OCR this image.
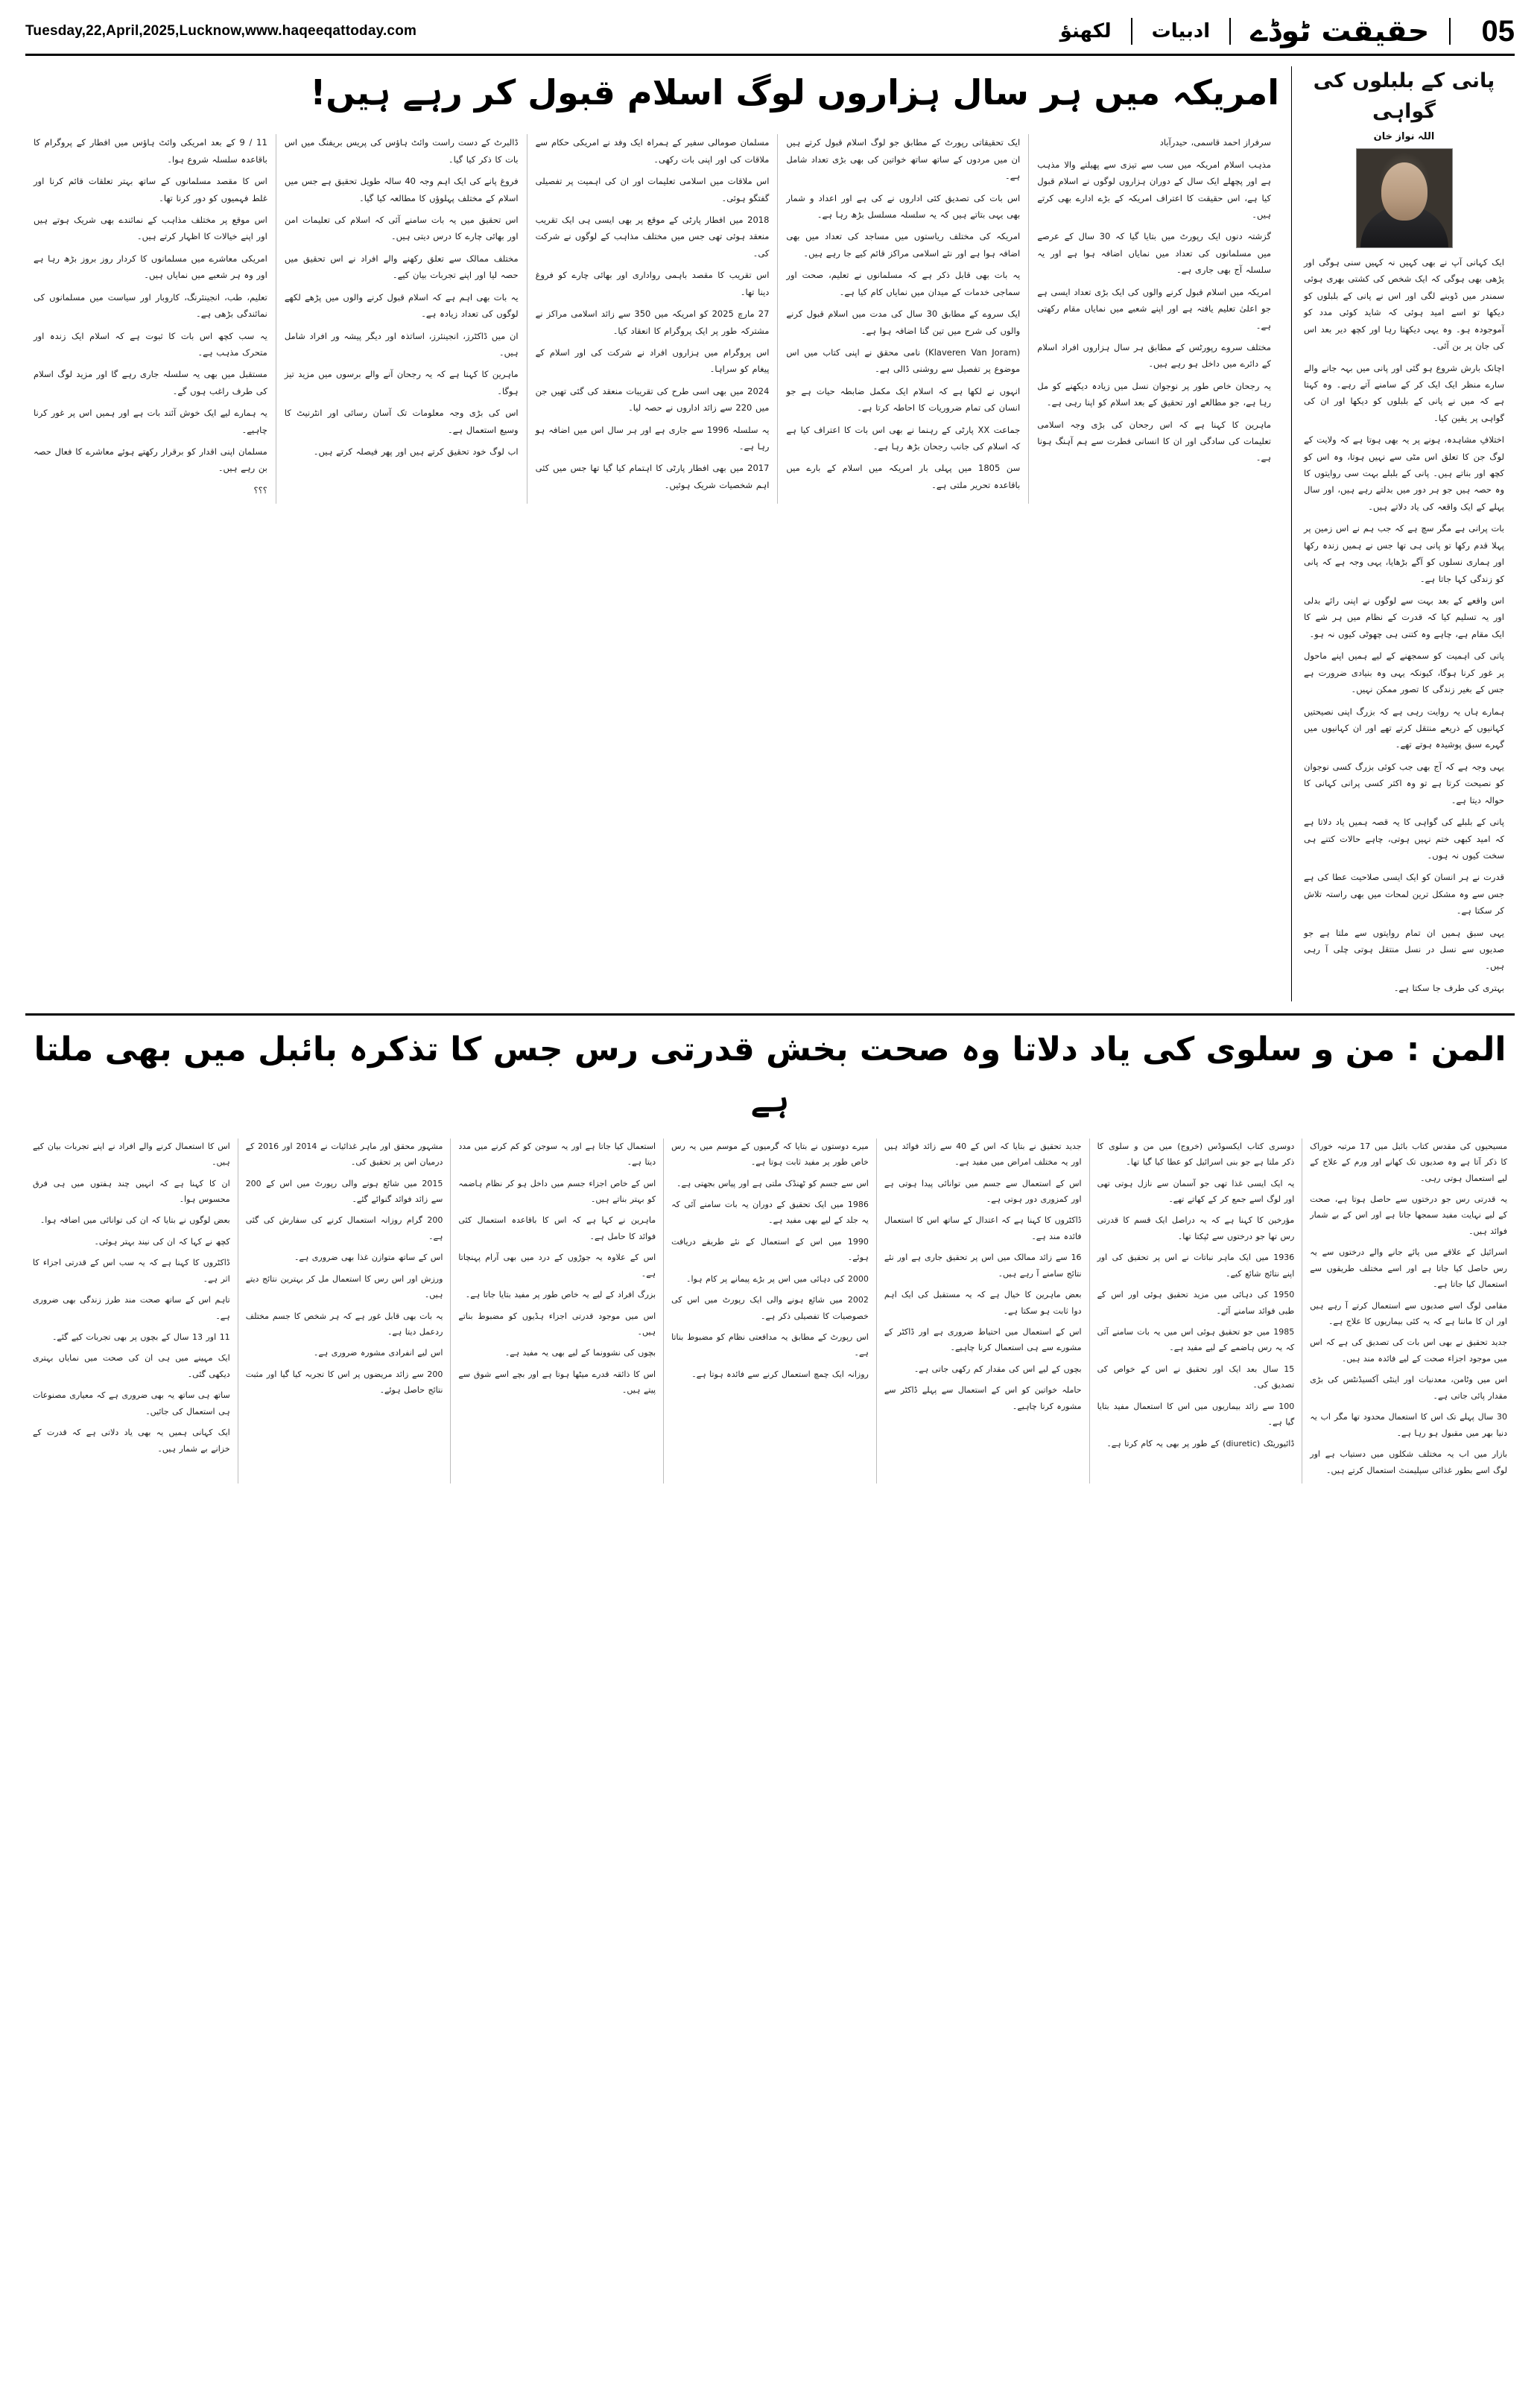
Tuesday,22,April,2025,Lucknow,www.haqeeqattoday.com	05
حقیقت ٹوڈے
ادبیات
لکھنؤ
پانی کے بلبلوں کی گواہی
اللہ نواز خان

ایک کہانی آپ نے بھی کہیں نہ کہیں سنی ہوگی اور پڑھی بھی ہوگی کہ ایک شخص کی کشتی بھری ہوئی سمندر میں ڈوبنے لگی اور اس نے پانی کے بلبلوں کو دیکھا تو اسے امید ہوئی کہ شاید کوئی مدد کو آموجودہ ہو۔ وہ یہی دیکھتا رہا اور کچھ دیر بعد اس کی جان پر بن آئی۔

اچانک بارش شروع ہو گئی اور پانی میں بہہ جانے والے سارے منظر ایک ایک کر کے سامنے آتے رہے۔ وہ کہتا ہے کہ میں نے پانی کے بلبلوں کو دیکھا اور ان کی گواہی پر یقین کیا۔

اختلافِ مشاہدہ، ہونے پر یہ بھی ہوتا ہے کہ ولایت کے لوگ جن کا تعلق اس مٹی سے نہیں ہوتا، وہ اس کو کچھ اور بناتے ہیں۔ پانی کے بلبلے بہت سی روایتوں کا وہ حصہ ہیں جو ہر دور میں بدلتے رہے ہیں، اور سال پہلے کے ایک واقعہ کی یاد دلاتے ہیں۔

بات پرانی ہے مگر سچ ہے کہ جب ہم نے اس زمین پر پہلا قدم رکھا تو پانی ہی تھا جس نے ہمیں زندہ رکھا اور ہماری نسلوں کو آگے بڑھایا، یہی وجہ ہے کہ پانی کو زندگی کہا جاتا ہے۔

اس واقعے کے بعد بہت سے لوگوں نے اپنی رائے بدلی اور یہ تسلیم کیا کہ قدرت کے نظام میں ہر شے کا ایک مقام ہے، چاہے وہ کتنی ہی چھوٹی کیوں نہ ہو۔

پانی کی اہمیت کو سمجھنے کے لیے ہمیں اپنے ماحول پر غور کرنا ہوگا، کیونکہ یہی وہ بنیادی ضرورت ہے جس کے بغیر زندگی کا تصور ممکن نہیں۔

ہمارے ہاں یہ روایت رہی ہے کہ بزرگ اپنی نصیحتیں کہانیوں کے ذریعے منتقل کرتے تھے اور ان کہانیوں میں گہرے سبق پوشیدہ ہوتے تھے۔

یہی وجہ ہے کہ آج بھی جب کوئی بزرگ کسی نوجوان کو نصیحت کرتا ہے تو وہ اکثر کسی پرانی کہانی کا حوالہ دیتا ہے۔

پانی کے بلبلے کی گواہی کا یہ قصہ ہمیں یاد دلاتا ہے کہ امید کبھی ختم نہیں ہوتی، چاہے حالات کتنے ہی سخت کیوں نہ ہوں۔

قدرت نے ہر انسان کو ایک ایسی صلاحیت عطا کی ہے جس سے وہ مشکل ترین لمحات میں بھی راستہ تلاش کر سکتا ہے۔

یہی سبق ہمیں ان تمام روایتوں سے ملتا ہے جو صدیوں سے نسل در نسل منتقل ہوتی چلی آ رہی ہیں۔

بہتری کی طرف جا سکتا ہے۔

امریکہ میں ہر سال ہزاروں لوگ اسلام قبول کر رہے ہیں!

سرفراز احمد قاسمی، حیدرآباد

مذہب اسلام امریکہ میں سب سے تیزی سے پھیلنے والا مذہب ہے اور پچھلے ایک سال کے دوران ہزاروں لوگوں نے اسلام قبول کیا ہے، اس حقیقت کا اعتراف امریکہ کے بڑے ادارے بھی کرتے ہیں۔

گزشتہ دنوں ایک رپورٹ میں بتایا گیا کہ 30 سال کے عرصے میں مسلمانوں کی تعداد میں نمایاں اضافہ ہوا ہے اور یہ سلسلہ آج بھی جاری ہے۔

امریکہ میں اسلام قبول کرنے والوں کی ایک بڑی تعداد ایسی ہے جو اعلیٰ تعلیم یافتہ ہے اور اپنے شعبے میں نمایاں مقام رکھتی ہے۔

مختلف سروے رپورٹس کے مطابق ہر سال ہزاروں افراد اسلام کے دائرے میں داخل ہو رہے ہیں۔

یہ رجحان خاص طور پر نوجوان نسل میں زیادہ دیکھنے کو مل رہا ہے، جو مطالعے اور تحقیق کے بعد اسلام کو اپنا رہی ہے۔

ماہرین کا کہنا ہے کہ اس رجحان کی بڑی وجہ اسلامی تعلیمات کی سادگی اور ان کا انسانی فطرت سے ہم آہنگ ہونا ہے۔

ایک تحقیقاتی رپورٹ کے مطابق جو لوگ اسلام قبول کرتے ہیں ان میں مردوں کے ساتھ ساتھ خواتین کی بھی بڑی تعداد شامل ہے۔

اس بات کی تصدیق کئی اداروں نے کی ہے اور اعداد و شمار بھی یہی بتاتے ہیں کہ یہ سلسلہ مسلسل بڑھ رہا ہے۔

امریکہ کی مختلف ریاستوں میں مساجد کی تعداد میں بھی اضافہ ہوا ہے اور نئے اسلامی مراکز قائم کیے جا رہے ہیں۔

یہ بات بھی قابل ذکر ہے کہ مسلمانوں نے تعلیم، صحت اور سماجی خدمات کے میدان میں نمایاں کام کیا ہے۔

ایک سروے کے مطابق 30 سال کی مدت میں اسلام قبول کرنے والوں کی شرح میں تین گنا اضافہ ہوا ہے۔

(Klaveren Van Joram) نامی محقق نے اپنی کتاب میں اس موضوع پر تفصیل سے روشنی ڈالی ہے۔

انہوں نے لکھا ہے کہ اسلام ایک مکمل ضابطہ حیات ہے جو انسان کی تمام ضروریات کا احاطہ کرتا ہے۔

جماعت XX پارٹی کے رہنما نے بھی اس بات کا اعتراف کیا ہے کہ اسلام کی جانب رجحان بڑھ رہا ہے۔

سن 1805 میں پہلی بار امریکہ میں اسلام کے بارے میں باقاعدہ تحریر ملتی ہے۔

مسلمان صومالی سفیر کے ہمراہ ایک وفد نے امریکی حکام سے ملاقات کی اور اپنی بات رکھی۔

اس ملاقات میں اسلامی تعلیمات اور ان کی اہمیت پر تفصیلی گفتگو ہوئی۔

2018 میں افطار پارٹی کے موقع پر بھی ایسی ہی ایک تقریب منعقد ہوئی تھی جس میں مختلف مذاہب کے لوگوں نے شرکت کی۔

اس تقریب کا مقصد باہمی رواداری اور بھائی چارے کو فروغ دینا تھا۔

27 مارچ 2025 کو امریکہ میں 350 سے زائد اسلامی مراکز نے مشترکہ طور پر ایک پروگرام کا انعقاد کیا۔

اس پروگرام میں ہزاروں افراد نے شرکت کی اور اسلام کے پیغام کو سراہا۔

2024 میں بھی اسی طرح کی تقریبات منعقد کی گئی تھیں جن میں 220 سے زائد اداروں نے حصہ لیا۔

یہ سلسلہ 1996 سے جاری ہے اور ہر سال اس میں اضافہ ہو رہا ہے۔

2017 میں بھی افطار پارٹی کا اہتمام کیا گیا تھا جس میں کئی اہم شخصیات شریک ہوئیں۔

ڈالبرٹ کے دست راست وائٹ ہاؤس کی پریس بریفنگ میں اس بات کا ذکر کیا گیا۔

فروغ پانے کی ایک اہم وجہ 40 سالہ طویل تحقیق ہے جس میں اسلام کے مختلف پہلوؤں کا مطالعہ کیا گیا۔

اس تحقیق میں یہ بات سامنے آئی کہ اسلام کی تعلیمات امن اور بھائی چارے کا درس دیتی ہیں۔

مختلف ممالک سے تعلق رکھنے والے افراد نے اس تحقیق میں حصہ لیا اور اپنے تجربات بیان کیے۔

یہ بات بھی اہم ہے کہ اسلام قبول کرنے والوں میں پڑھے لکھے لوگوں کی تعداد زیادہ ہے۔

ان میں ڈاکٹرز، انجینئرز، اساتذہ اور دیگر پیشہ ور افراد شامل ہیں۔

ماہرین کا کہنا ہے کہ یہ رجحان آنے والے برسوں میں مزید تیز ہوگا۔

اس کی بڑی وجہ معلومات تک آسان رسائی اور انٹرنیٹ کا وسیع استعمال ہے۔

اب لوگ خود تحقیق کرتے ہیں اور پھر فیصلہ کرتے ہیں۔

11 / 9 کے بعد امریکی وائٹ ہاؤس میں افطار کے پروگرام کا باقاعدہ سلسلہ شروع ہوا۔

اس کا مقصد مسلمانوں کے ساتھ بہتر تعلقات قائم کرنا اور غلط فہمیوں کو دور کرنا تھا۔

اس موقع پر مختلف مذاہب کے نمائندے بھی شریک ہوتے ہیں اور اپنے خیالات کا اظہار کرتے ہیں۔

امریکی معاشرے میں مسلمانوں کا کردار روز بروز بڑھ رہا ہے اور وہ ہر شعبے میں نمایاں ہیں۔

تعلیم، طب، انجینئرنگ، کاروبار اور سیاست میں مسلمانوں کی نمائندگی بڑھی ہے۔

یہ سب کچھ اس بات کا ثبوت ہے کہ اسلام ایک زندہ اور متحرک مذہب ہے۔

مستقبل میں بھی یہ سلسلہ جاری رہے گا اور مزید لوگ اسلام کی طرف راغب ہوں گے۔

یہ ہمارے لیے ایک خوش آئند بات ہے اور ہمیں اس پر غور کرنا چاہیے۔

مسلمان اپنی اقدار کو برقرار رکھتے ہوئے معاشرے کا فعال حصہ بن رہے ہیں۔

؟؟؟

المن : من و سلوی کی یاد دلاتا وہ صحت بخش قدرتی رس جس کا تذکرہ بائبل میں بھی ملتا ہے

مسیحیوں کی مقدس کتاب بائبل میں 17 مرتبہ خوراک کا ذکر آتا ہے وہ صدیوں تک کھانے اور ورم کے علاج کے لیے استعمال ہوتی رہی۔

یہ قدرتی رس جو درختوں سے حاصل ہوتا ہے، صحت کے لیے نہایت مفید سمجھا جاتا ہے اور اس کے بے شمار فوائد ہیں۔

اسرائیل کے علاقے میں پائے جانے والے درختوں سے یہ رس حاصل کیا جاتا ہے اور اسے مختلف طریقوں سے استعمال کیا جاتا ہے۔

مقامی لوگ اسے صدیوں سے استعمال کرتے آ رہے ہیں اور ان کا ماننا ہے کہ یہ کئی بیماریوں کا علاج ہے۔

جدید تحقیق نے بھی اس بات کی تصدیق کی ہے کہ اس میں موجود اجزاء صحت کے لیے فائدہ مند ہیں۔

اس میں وٹامن، معدنیات اور اینٹی آکسیڈنٹس کی بڑی مقدار پائی جاتی ہے۔

30 سال پہلے تک اس کا استعمال محدود تھا مگر اب یہ دنیا بھر میں مقبول ہو رہا ہے۔

بازار میں اب یہ مختلف شکلوں میں دستیاب ہے اور لوگ اسے بطور غذائی سپلیمنٹ استعمال کرتے ہیں۔

دوسری کتاب ایکسوڈس (خروج) میں من و سلوی کا ذکر ملتا ہے جو بنی اسرائیل کو عطا کیا گیا تھا۔

یہ ایک ایسی غذا تھی جو آسمان سے نازل ہوتی تھی اور لوگ اسے جمع کر کے کھاتے تھے۔

مؤرخین کا کہنا ہے کہ یہ دراصل ایک قسم کا قدرتی رس تھا جو درختوں سے ٹپکتا تھا۔

1936 میں ایک ماہر نباتات نے اس پر تحقیق کی اور اپنے نتائج شائع کیے۔

1950 کی دہائی میں مزید تحقیق ہوئی اور اس کے طبی فوائد سامنے آئے۔

1985 میں جو تحقیق ہوئی اس میں یہ بات سامنے آئی کہ یہ رس ہاضمے کے لیے مفید ہے۔

15 سال بعد ایک اور تحقیق نے اس کے خواص کی تصدیق کی۔

100 سے زائد بیماریوں میں اس کا استعمال مفید بتایا گیا ہے۔

ڈائیوریٹک (diuretic) کے طور پر بھی یہ کام کرتا ہے۔

جدید تحقیق نے بتایا کہ اس کے 40 سے زائد فوائد ہیں اور یہ مختلف امراض میں مفید ہے۔

اس کے استعمال سے جسم میں توانائی پیدا ہوتی ہے اور کمزوری دور ہوتی ہے۔

ڈاکٹروں کا کہنا ہے کہ اعتدال کے ساتھ اس کا استعمال فائدہ مند ہے۔

16 سے زائد ممالک میں اس پر تحقیق جاری ہے اور نئے نتائج سامنے آ رہے ہیں۔

بعض ماہرین کا خیال ہے کہ یہ مستقبل کی ایک اہم دوا ثابت ہو سکتا ہے۔

اس کے استعمال میں احتیاط ضروری ہے اور ڈاکٹر کے مشورے سے ہی استعمال کرنا چاہیے۔

بچوں کے لیے اس کی مقدار کم رکھی جاتی ہے۔

حاملہ خواتین کو اس کے استعمال سے پہلے ڈاکٹر سے مشورہ کرنا چاہیے۔

میرے دوستوں نے بتایا کہ گرمیوں کے موسم میں یہ رس خاص طور پر مفید ثابت ہوتا ہے۔

اس سے جسم کو ٹھنڈک ملتی ہے اور پیاس بجھتی ہے۔

1986 میں ایک تحقیق کے دوران یہ بات سامنے آئی کہ یہ جلد کے لیے بھی مفید ہے۔

1990 میں اس کے استعمال کے نئے طریقے دریافت ہوئے۔

2000 کی دہائی میں اس پر بڑے پیمانے پر کام ہوا۔

2002 میں شائع ہونے والی ایک رپورٹ میں اس کی خصوصیات کا تفصیلی ذکر ہے۔

اس رپورٹ کے مطابق یہ مدافعتی نظام کو مضبوط بناتا ہے۔

روزانہ ایک چمچ استعمال کرنے سے فائدہ ہوتا ہے۔

استعمال کیا جاتا ہے اور یہ سوجن کو کم کرنے میں مدد دیتا ہے۔

اس کے خاص اجزاء جسم میں داخل ہو کر نظام ہاضمہ کو بہتر بناتے ہیں۔

ماہرین نے کہا ہے کہ اس کا باقاعدہ استعمال کئی فوائد کا حامل ہے۔

اس کے علاوہ یہ جوڑوں کے درد میں بھی آرام پہنچاتا ہے۔

بزرگ افراد کے لیے یہ خاص طور پر مفید بتایا جاتا ہے۔

اس میں موجود قدرتی اجزاء ہڈیوں کو مضبوط بناتے ہیں۔

بچوں کی نشوونما کے لیے بھی یہ مفید ہے۔

اس کا ذائقہ قدرے میٹھا ہوتا ہے اور بچے اسے شوق سے پیتے ہیں۔

مشہور محقق اور ماہر غذائیات نے 2014 اور 2016 کے درمیان اس پر تحقیق کی۔

2015 میں شائع ہونے والی رپورٹ میں اس کے 200 سے زائد فوائد گنوائے گئے۔

200 گرام روزانہ استعمال کرنے کی سفارش کی گئی ہے۔

اس کے ساتھ متوازن غذا بھی ضروری ہے۔

ورزش اور اس رس کا استعمال مل کر بہترین نتائج دیتے ہیں۔

یہ بات بھی قابل غور ہے کہ ہر شخص کا جسم مختلف ردعمل دیتا ہے۔

اس لیے انفرادی مشورہ ضروری ہے۔

200 سے زائد مریضوں پر اس کا تجربہ کیا گیا اور مثبت نتائج حاصل ہوئے۔

اس کا استعمال کرنے والے افراد نے اپنے تجربات بیان کیے ہیں۔

ان کا کہنا ہے کہ انہیں چند ہفتوں میں ہی فرق محسوس ہوا۔

بعض لوگوں نے بتایا کہ ان کی توانائی میں اضافہ ہوا۔

کچھ نے کہا کہ ان کی نیند بہتر ہوئی۔

ڈاکٹروں کا کہنا ہے کہ یہ سب اس کے قدرتی اجزاء کا اثر ہے۔

تاہم اس کے ساتھ صحت مند طرز زندگی بھی ضروری ہے۔

11 اور 13 سال کے بچوں پر بھی تجربات کیے گئے۔

ایک مہینے میں ہی ان کی صحت میں نمایاں بہتری دیکھی گئی۔

ساتھ ہی ساتھ یہ بھی ضروری ہے کہ معیاری مصنوعات ہی استعمال کی جائیں۔

ایک کہانی ہمیں یہ بھی یاد دلاتی ہے کہ قدرت کے خزانے بے شمار ہیں۔
